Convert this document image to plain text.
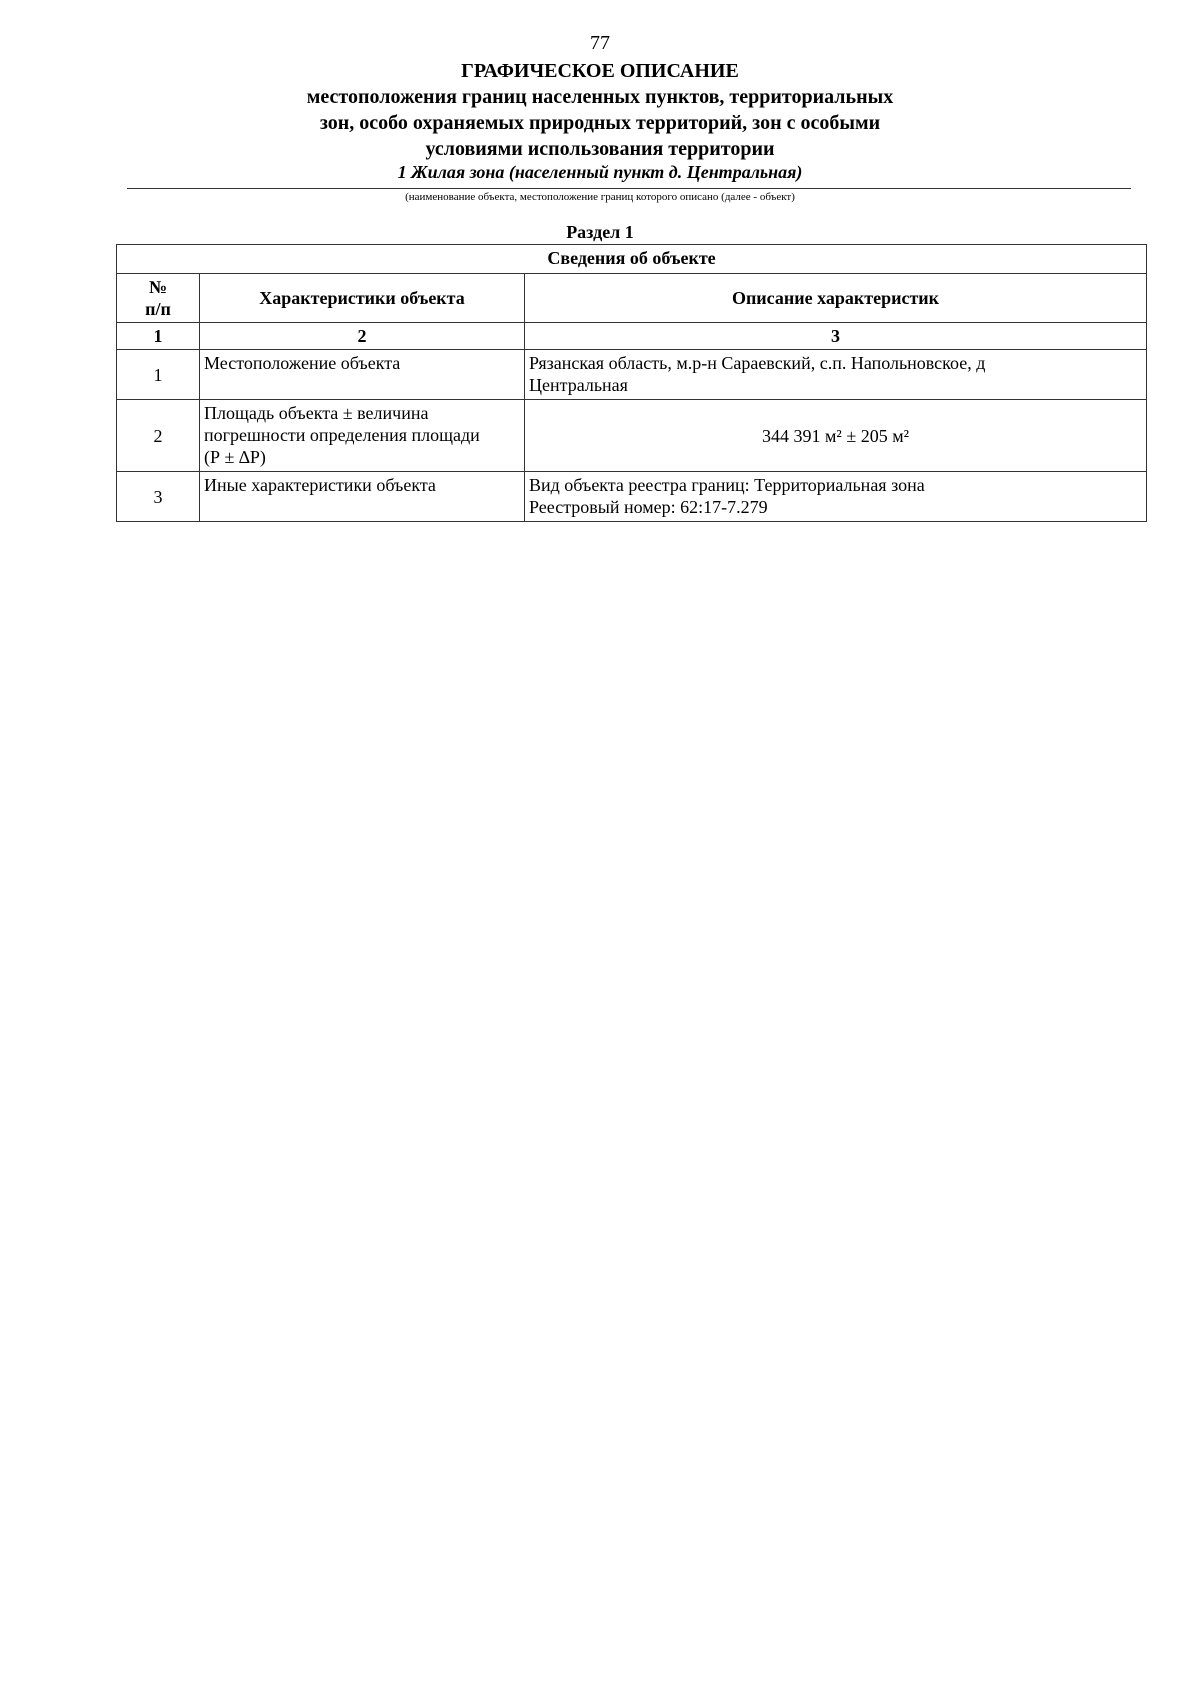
77
ГРАФИЧЕСКОЕ ОПИСАНИЕ
местоположения границ населенных пунктов, территориальных
зон, особо охраняемых природных территорий, зон с особыми
условиями использования территории
1 Жилая зона (населенный пункт д. Центральная)
(наименование объекта, местоположение границ которого описано (далее - объект)
Раздел 1
Сведения об объекте		

№
п/п	Характеристики объекта	Описание характеристик
1	2	3
1	Местоположение объекта	Рязанская область, м.р-н Сараевский, с.п. Напольновское, д
Центральная

2	Площадь объекта ± величина
погрешности определения площади
(Р ± ∆Р)	344 391 м² ± 205 м²
3	Иные характеристики объекта	Вид объекта реестра границ: Территориальная зона
Реестровый номер: 62:17-7.279
